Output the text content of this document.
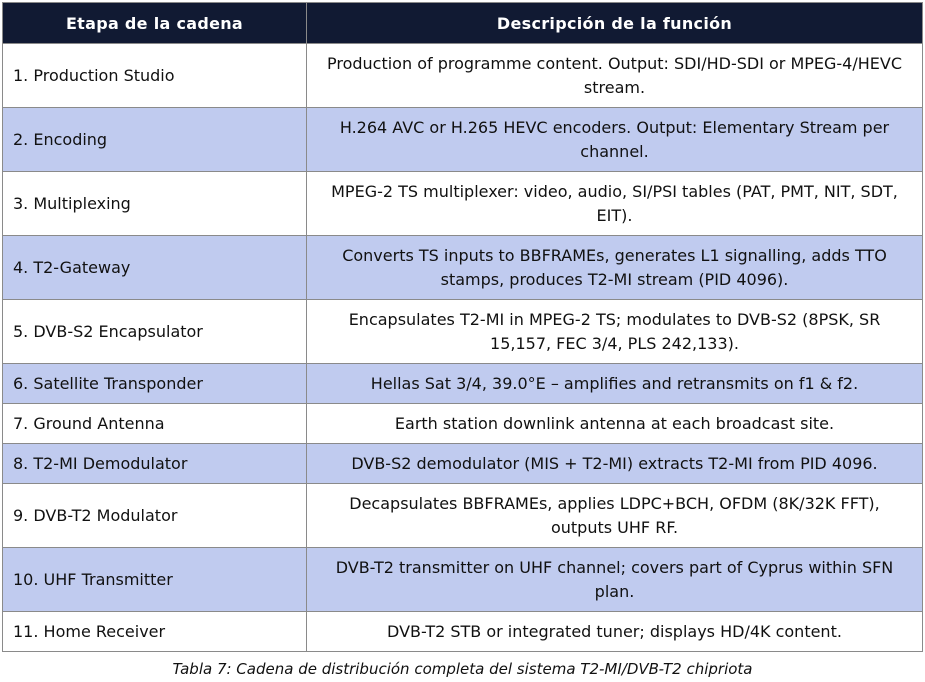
Etapa de la cadena	Descripción de la función
1. Production Studio	Production of programme content. Output: SDI/HD-SDI or MPEG-4/HEVC stream.
2. Encoding	H.264 AVC or H.265 HEVC encoders. Output: Elementary Stream per channel.
3. Multiplexing	MPEG-2 TS multiplexer: video, audio, SI/PSI tables (PAT, PMT, NIT, SDT, EIT).
4. T2-Gateway	Converts TS inputs to BBFRAMEs, generates L1 signalling, adds TTO stamps, produces T2-MI stream (PID 4096).
5. DVB-S2 Encapsulator	Encapsulates T2-MI in MPEG-2 TS; modulates to DVB-S2 (8PSK, SR 15,157, FEC 3/4, PLS 242,133).
6. Satellite Transponder	Hellas Sat 3/4, 39.0°E – amplifies and retransmits on f1 & f2.
7. Ground Antenna	Earth station downlink antenna at each broadcast site.
8. T2-MI Demodulator	DVB-S2 demodulator (MIS + T2-MI) extracts T2-MI from PID 4096.
9. DVB-T2 Modulator	Decapsulates BBFRAMEs, applies LDPC+BCH, OFDM (8K/32K FFT), outputs UHF RF.
10. UHF Transmitter	DVB-T2 transmitter on UHF channel; covers part of Cyprus within SFN plan.
11. Home Receiver	DVB-T2 STB or integrated tuner; displays HD/4K content.
Tabla 7: Cadena de distribución completa del sistema T2-MI/DVB-T2 chipriota
